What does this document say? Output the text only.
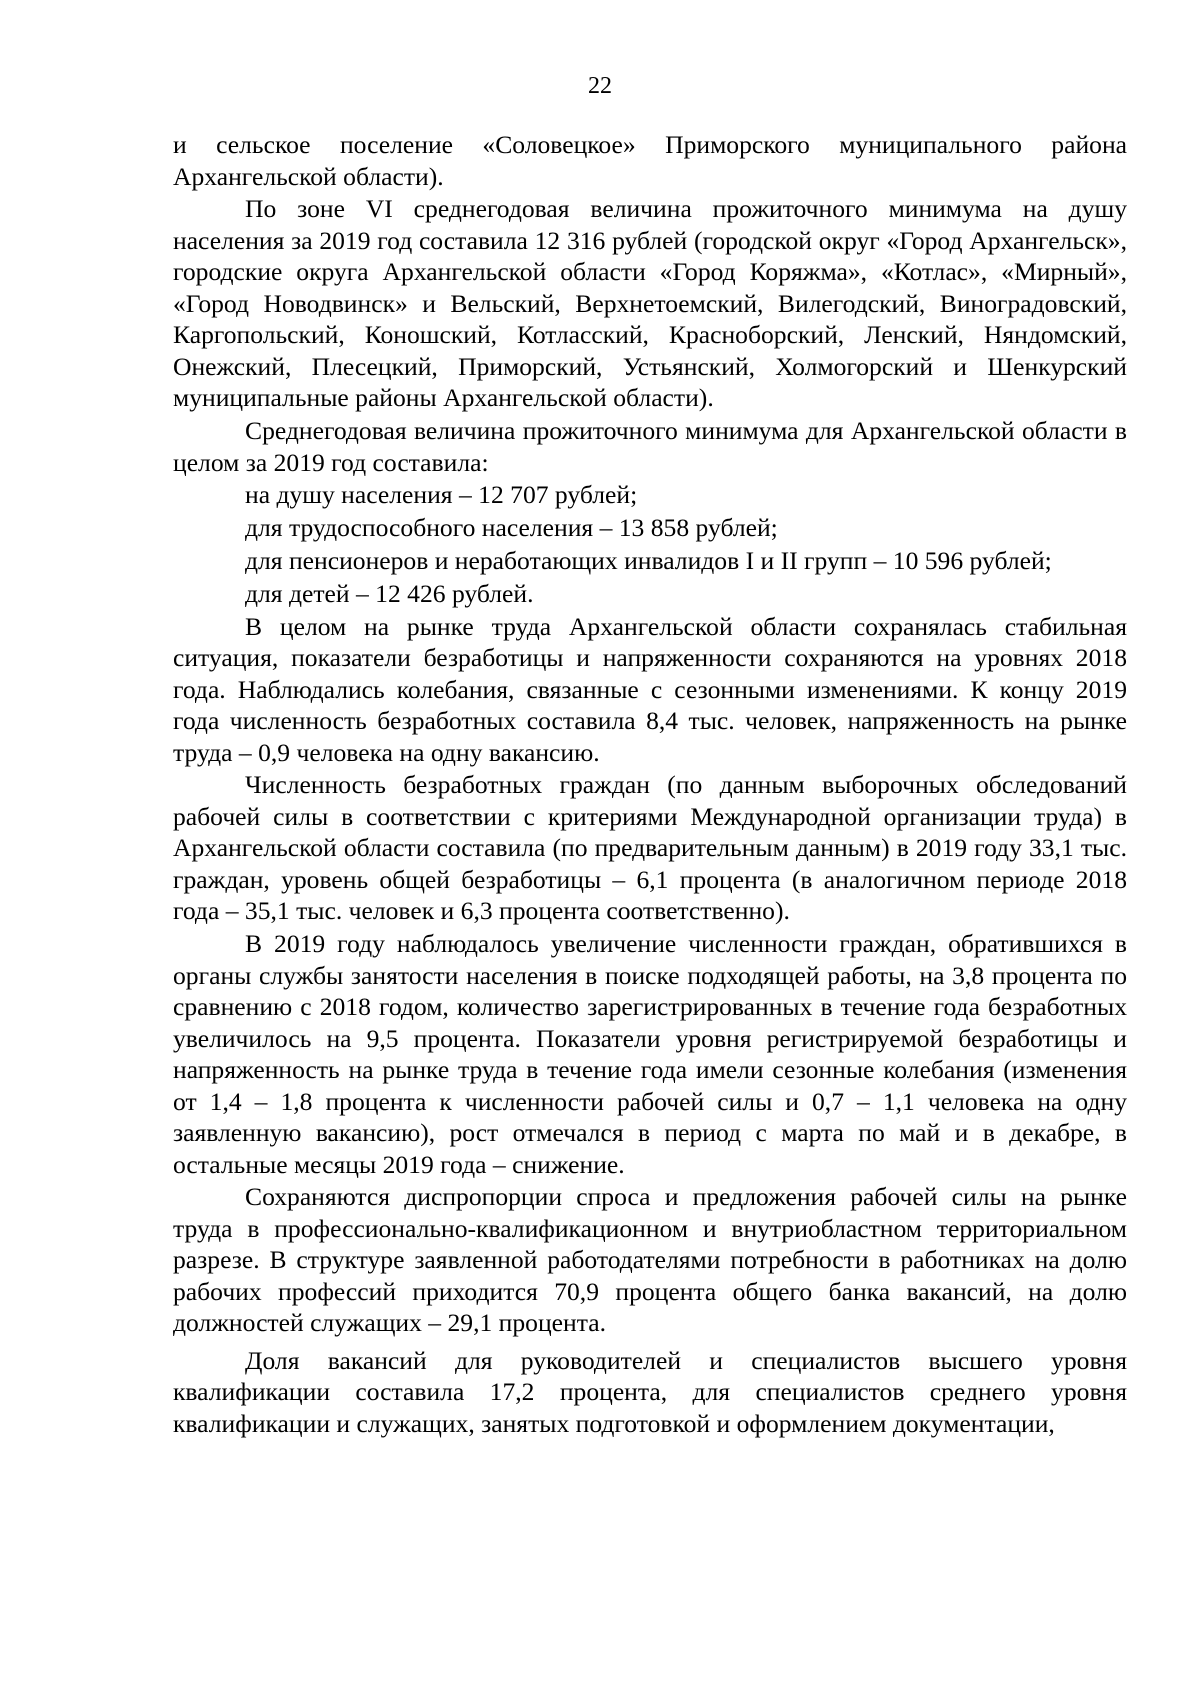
22

и сельское поселение «Соловецкое» Приморского муниципального района Архангельской области).

По зоне VI среднегодовая величина прожиточного минимума на душу населения за 2019 год составила 12 316 рублей (городской округ «Город Архангельск», городские округа Архангельской области «Город Коряжма», «Котлас», «Мирный», «Город Новодвинск» и Вельский, Верхнетоемский, Вилегодский, Виноградовский, Каргопольский, Коношский, Котласский, Красноборский, Ленский, Няндомский, Онежский, Плесецкий, Приморский, Устьянский, Холмогорский и Шенкурский муниципальные районы Архангельской области).

Среднегодовая величина прожиточного минимума для Архангельской области в целом за 2019 год составила:

на душу населения – 12 707 рублей;

для трудоспособного населения – 13 858 рублей;

для пенсионеров и неработающих инвалидов I и II групп – 10 596 рублей;

для детей – 12 426 рублей.

В целом на рынке труда Архангельской области сохранялась стабильная ситуация, показатели безработицы и напряженности сохраняются на уровнях 2018 года. Наблюдались колебания, связанные с сезонными изменениями. К концу 2019 года численность безработных составила 8,4 тыс. человек, напряженность на рынке труда – 0,9 человека на одну вакансию.

Численность безработных граждан (по данным выборочных обследований рабочей силы в соответствии с критериями Международной организации труда) в Архангельской области составила (по предварительным данным) в 2019 году 33,1 тыс. граждан, уровень общей безработицы – 6,1 процента (в аналогичном периоде 2018 года – 35,1 тыс. человек и 6,3 процента соответственно).

В 2019 году наблюдалось увеличение численности граждан, обратившихся в органы службы занятости населения в поиске подходящей работы, на 3,8 процента по сравнению с 2018 годом, количество зарегистрированных в течение года безработных увеличилось на 9,5 процента. Показатели уровня регистрируемой безработицы и напряженность на рынке труда в течение года имели сезонные колебания (изменения от 1,4 – 1,8 процента к численности рабочей силы и 0,7 – 1,1 человека на одну заявленную вакансию), рост отмечался в период с марта по май и в декабре, в остальные месяцы 2019 года – снижение.

Сохраняются диспропорции спроса и предложения рабочей силы на рынке труда в профессионально-квалификационном и внутриобластном территориальном разрезе. В структуре заявленной работодателями потребности в работниках на долю рабочих профессий приходится 70,9 процента общего банка вакансий, на долю должностей служащих – 29,1 процента.

Доля вакансий для руководителей и специалистов высшего уровня квалификации составила 17,2 процента, для специалистов среднего уровня квалификации и служащих, занятых подготовкой и оформлением документации,
